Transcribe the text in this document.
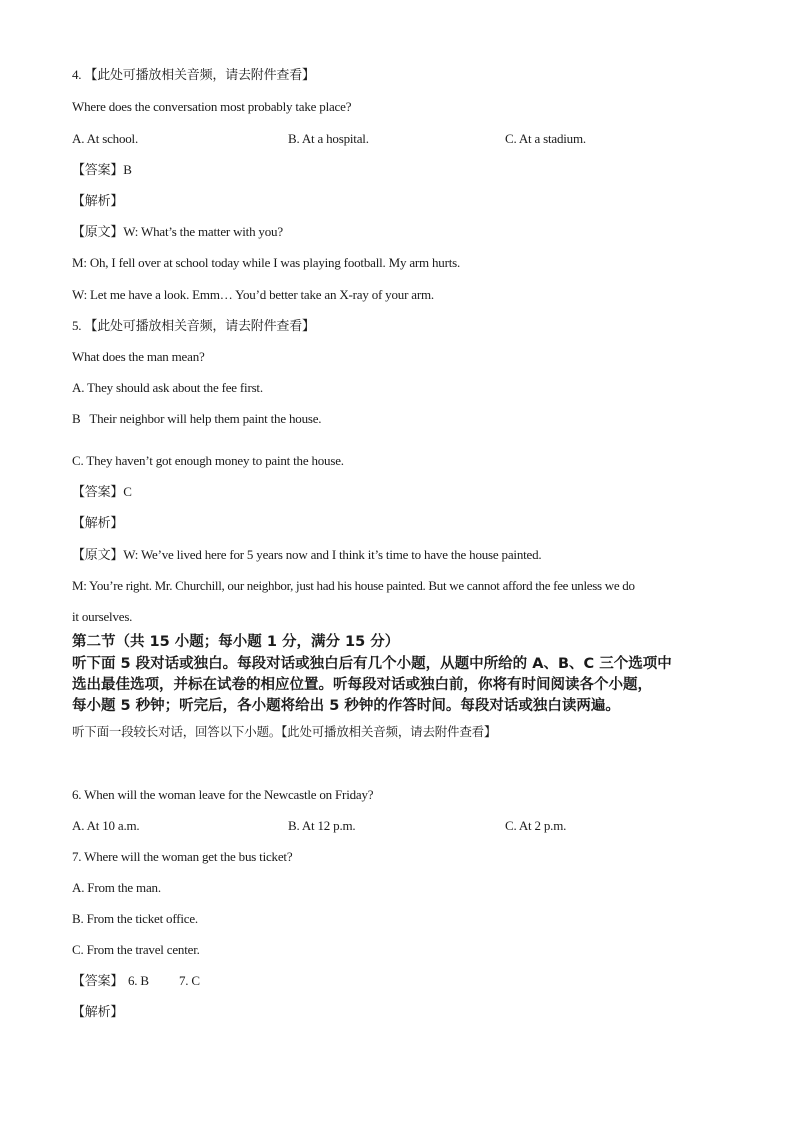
4. 【此处可播放相关音频，请去附件查看】
Where does the conversation most probably take place?
A. At school.	B. At a hospital.	C. At a stadium.
【答案】B
【解析】
【原文】W: What’s the matter with you?
M: Oh, I fell over at school today while I was playing football. My arm hurts.
W: Let me have a look. Emm… You’d better take an X-ray of your arm.
5. 【此处可播放相关音频，请去附件查看】
What does the man mean?
A. They should ask about the fee first.
B   Their neighbor will help them paint the house.
C. They haven’t got enough money to paint the house.
【答案】C
【解析】
【原文】W: We’ve lived here for 5 years now and I think it’s time to have the house painted.
M: You’re right. Mr. Churchill, our neighbor, just had his house painted. But we cannot afford the fee unless we do
it ourselves.
第二节（共 15 小题；每小题 1 分，满分 15 分）
听下面 5 段对话或独白。每段对话或独白后有几个小题，从题中所给的 A、B、C 三个选项中
选出最佳选项，并标在试卷的相应位置。听每段对话或独白前，你将有时间阅读各个小题，
每小题 5 秒钟；听完后，各小题将给出 5 秒钟的作答时间。每段对话或独白读两遍。
听下面一段较长对话，回答以下小题。【此处可播放相关音频，请去附件查看】
6. When will the woman leave for the Newcastle on Friday?
A. At 10 a.m.	B. At 12 p.m.	C. At 2 p.m.
7. Where will the woman get the bus ticket?
A. From the man.
B. From the ticket office.
C. From the travel center.
【答案】 6. B 7. C
【解析】
